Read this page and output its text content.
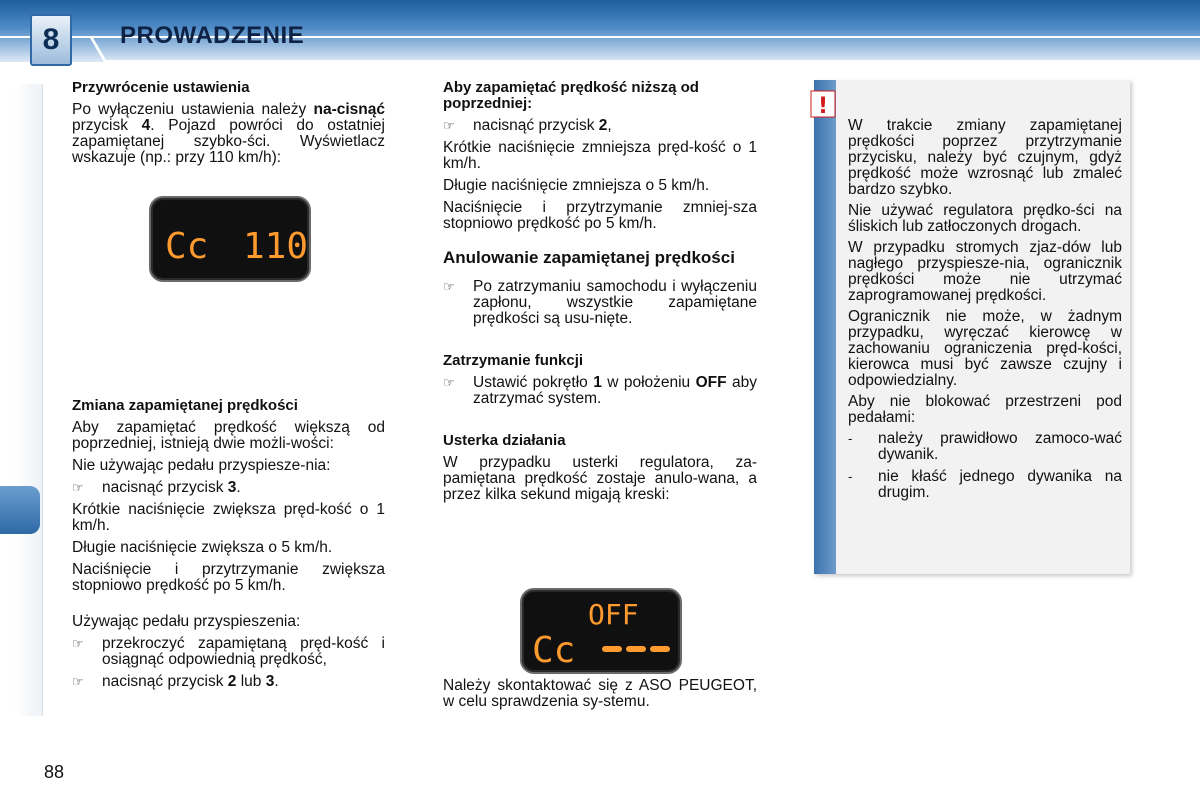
8	PROWADZENIE
Przywrócenie ustawienia

Po wyłączeniu ustawienia należy na-cisnąć przycisk 4. Pojazd powróci do ostatniej zapamiętanej szybko-ści. Wyświetlacz wskazuje (np.: przy 110 km/h):

Cc 110
Zmiana zapamiętanej prędkości

Aby zapamiętać prędkość większą od poprzedniej, istnieją dwie możli-wości:

Nie używając pedału przyspiesze-nia:

☞	nacisnąć przycisk 3.

Krótkie naciśnięcie zwiększa pręd-kość o 1 km/h.

Długie naciśnięcie zwiększa o 5 km/h.

Naciśnięcie i przytrzymanie zwiększa stopniowo prędkość po 5 km/h.

Używając pedału przyspieszenia:

☞	przekroczyć zapamiętaną pręd-kość i osiągnąć odpowiednią prędkość,
☞	nacisnąć przycisk 2 lub 3.
Aby zapamiętać prędkość niższą od poprzedniej:
☞	nacisnąć przycisk 2,

Krótkie naciśnięcie zmniejsza pręd-kość o 1 km/h.

Długie naciśnięcie zmniejsza o 5 km/h.

Naciśnięcie i przytrzymanie zmniej-sza stopniowo prędkość po 5 km/h.

Anulowanie zapamiętanej prędkości
☞	Po zatrzymaniu samochodu i wyłączeniu zapłonu, wszystkie zapamiętane prędkości są usu-nięte.
Zatrzymanie funkcji
☞	Ustawić pokrętło 1 w położeniu OFF aby zatrzymać system.
Usterka działania

W przypadku usterki regulatora, za-pamiętana prędkość zostaje anulo-wana, a przez kilka sekund migają kreski:

OFF
Cc

Należy skontaktować się z ASO PEUGEOT, w celu sprawdzenia sy-stemu.

!

W trakcie zmiany zapamiętanej prędkości poprzez przytrzymanie przycisku, należy być czujnym, gdyż prędkość może wzrosnąć lub zmaleć bardzo szybko.

Nie używać regulatora prędko-ści na śliskich lub zatłoczonych drogach.

W przypadku stromych zjaz-dów lub nagłego przyspiesze-nia, ogranicznik prędkości może nie utrzymać zaprogramowanej prędkości.

Ogranicznik nie może, w żadnym przypadku, wyręczać kierowcę w zachowaniu ograniczenia pręd-kości, kierowca musi być zawsze czujny i odpowiedzialny.

Aby nie blokować przestrzeni pod pedałami:

-	należy prawidłowo zamoco-wać dywanik.
-	nie kłaść jednego dywanika na drugim.
88
